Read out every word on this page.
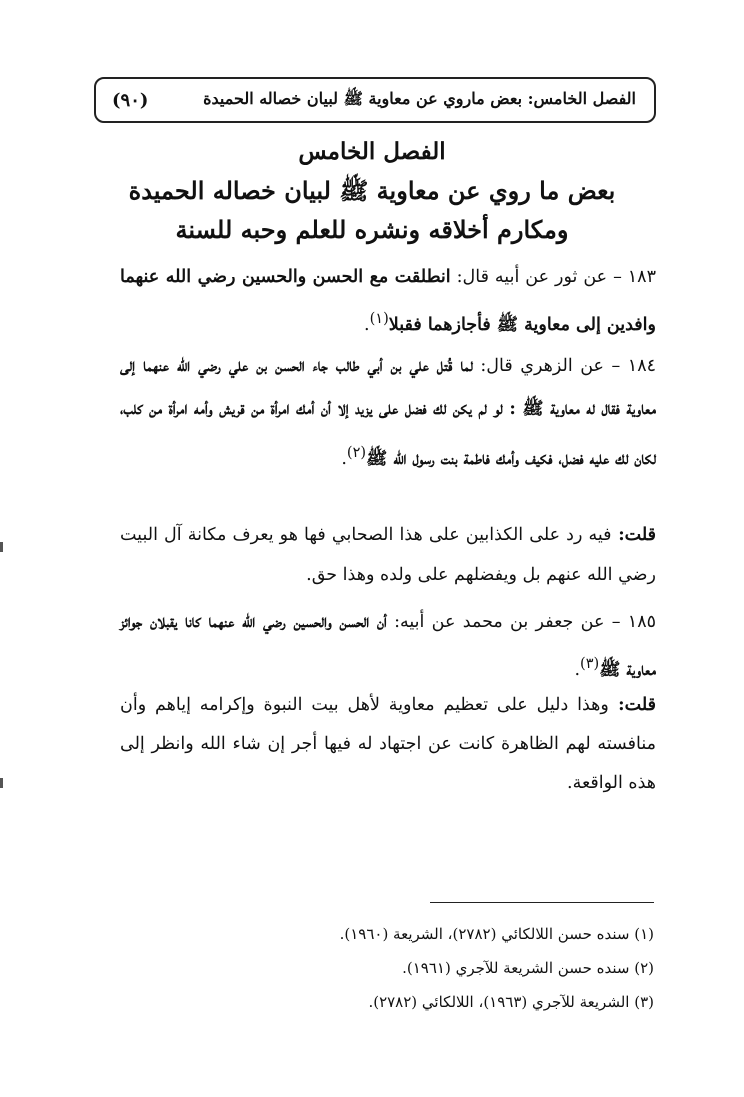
الفصل الخامس: بعض ماروي عن معاوية ﷺ لبيان خصاله الحميدة
(٩٠)
الفصل الخامس
بعض ما روي عن معاوية ﷺ لبيان خصاله الحميدة
ومكارم أخلاقه ونشره للعلم وحبه للسنة
١٨٣ – عن ثور عن أبيه قال: انطلقت مع الحسن والحسين رضي الله عنهما وافدين إلى معاوية ﷺ فأجازهما فقبلا$^{(١)}$.
١٨٤ – عن الزهري قال: لما قُتل علي بن أبي طالب جاء الحسن بن علي رضي الله عنهما إلى معاوية فقال له معاوية ﷺ : لو لم يكن لك فضل على يزيد إلا أن أمك امرأة من قريش وأمه امرأة من كلب، لكان لك عليه فضل، فكيف وأمك فاطمة بنت رسول الله ﷺ$^{(٢)}$.
قلت: فيه رد على الكذابين على هذا الصحابي فها هو يعرف مكانة آل البيت رضي الله عنهم بل ويفضلهم على ولده وهذا حق.
١٨٥ – عن جعفر بن محمد عن أبيه: أن الحسن والحسين رضي الله عنهما كانا يقبلان جوائز معاوية ﷺ$^{(٣)}$.
قلت: وهذا دليل على تعظيم معاوية لأهل بيت النبوة وإكرامه إياهم وأن منافسته لهم الظاهرة كانت عن اجتهاد له فيها أجر إن شاء الله وانظر إلى هذه الواقعة.
(١) سنده حسن اللالكائي (٢٧٨٢)، الشريعة (١٩٦٠).
(٢) سنده حسن الشريعة للآجري (١٩٦١).
(٣) الشريعة للآجري (١٩٦٣)، اللالكائي (٢٧٨٢).
